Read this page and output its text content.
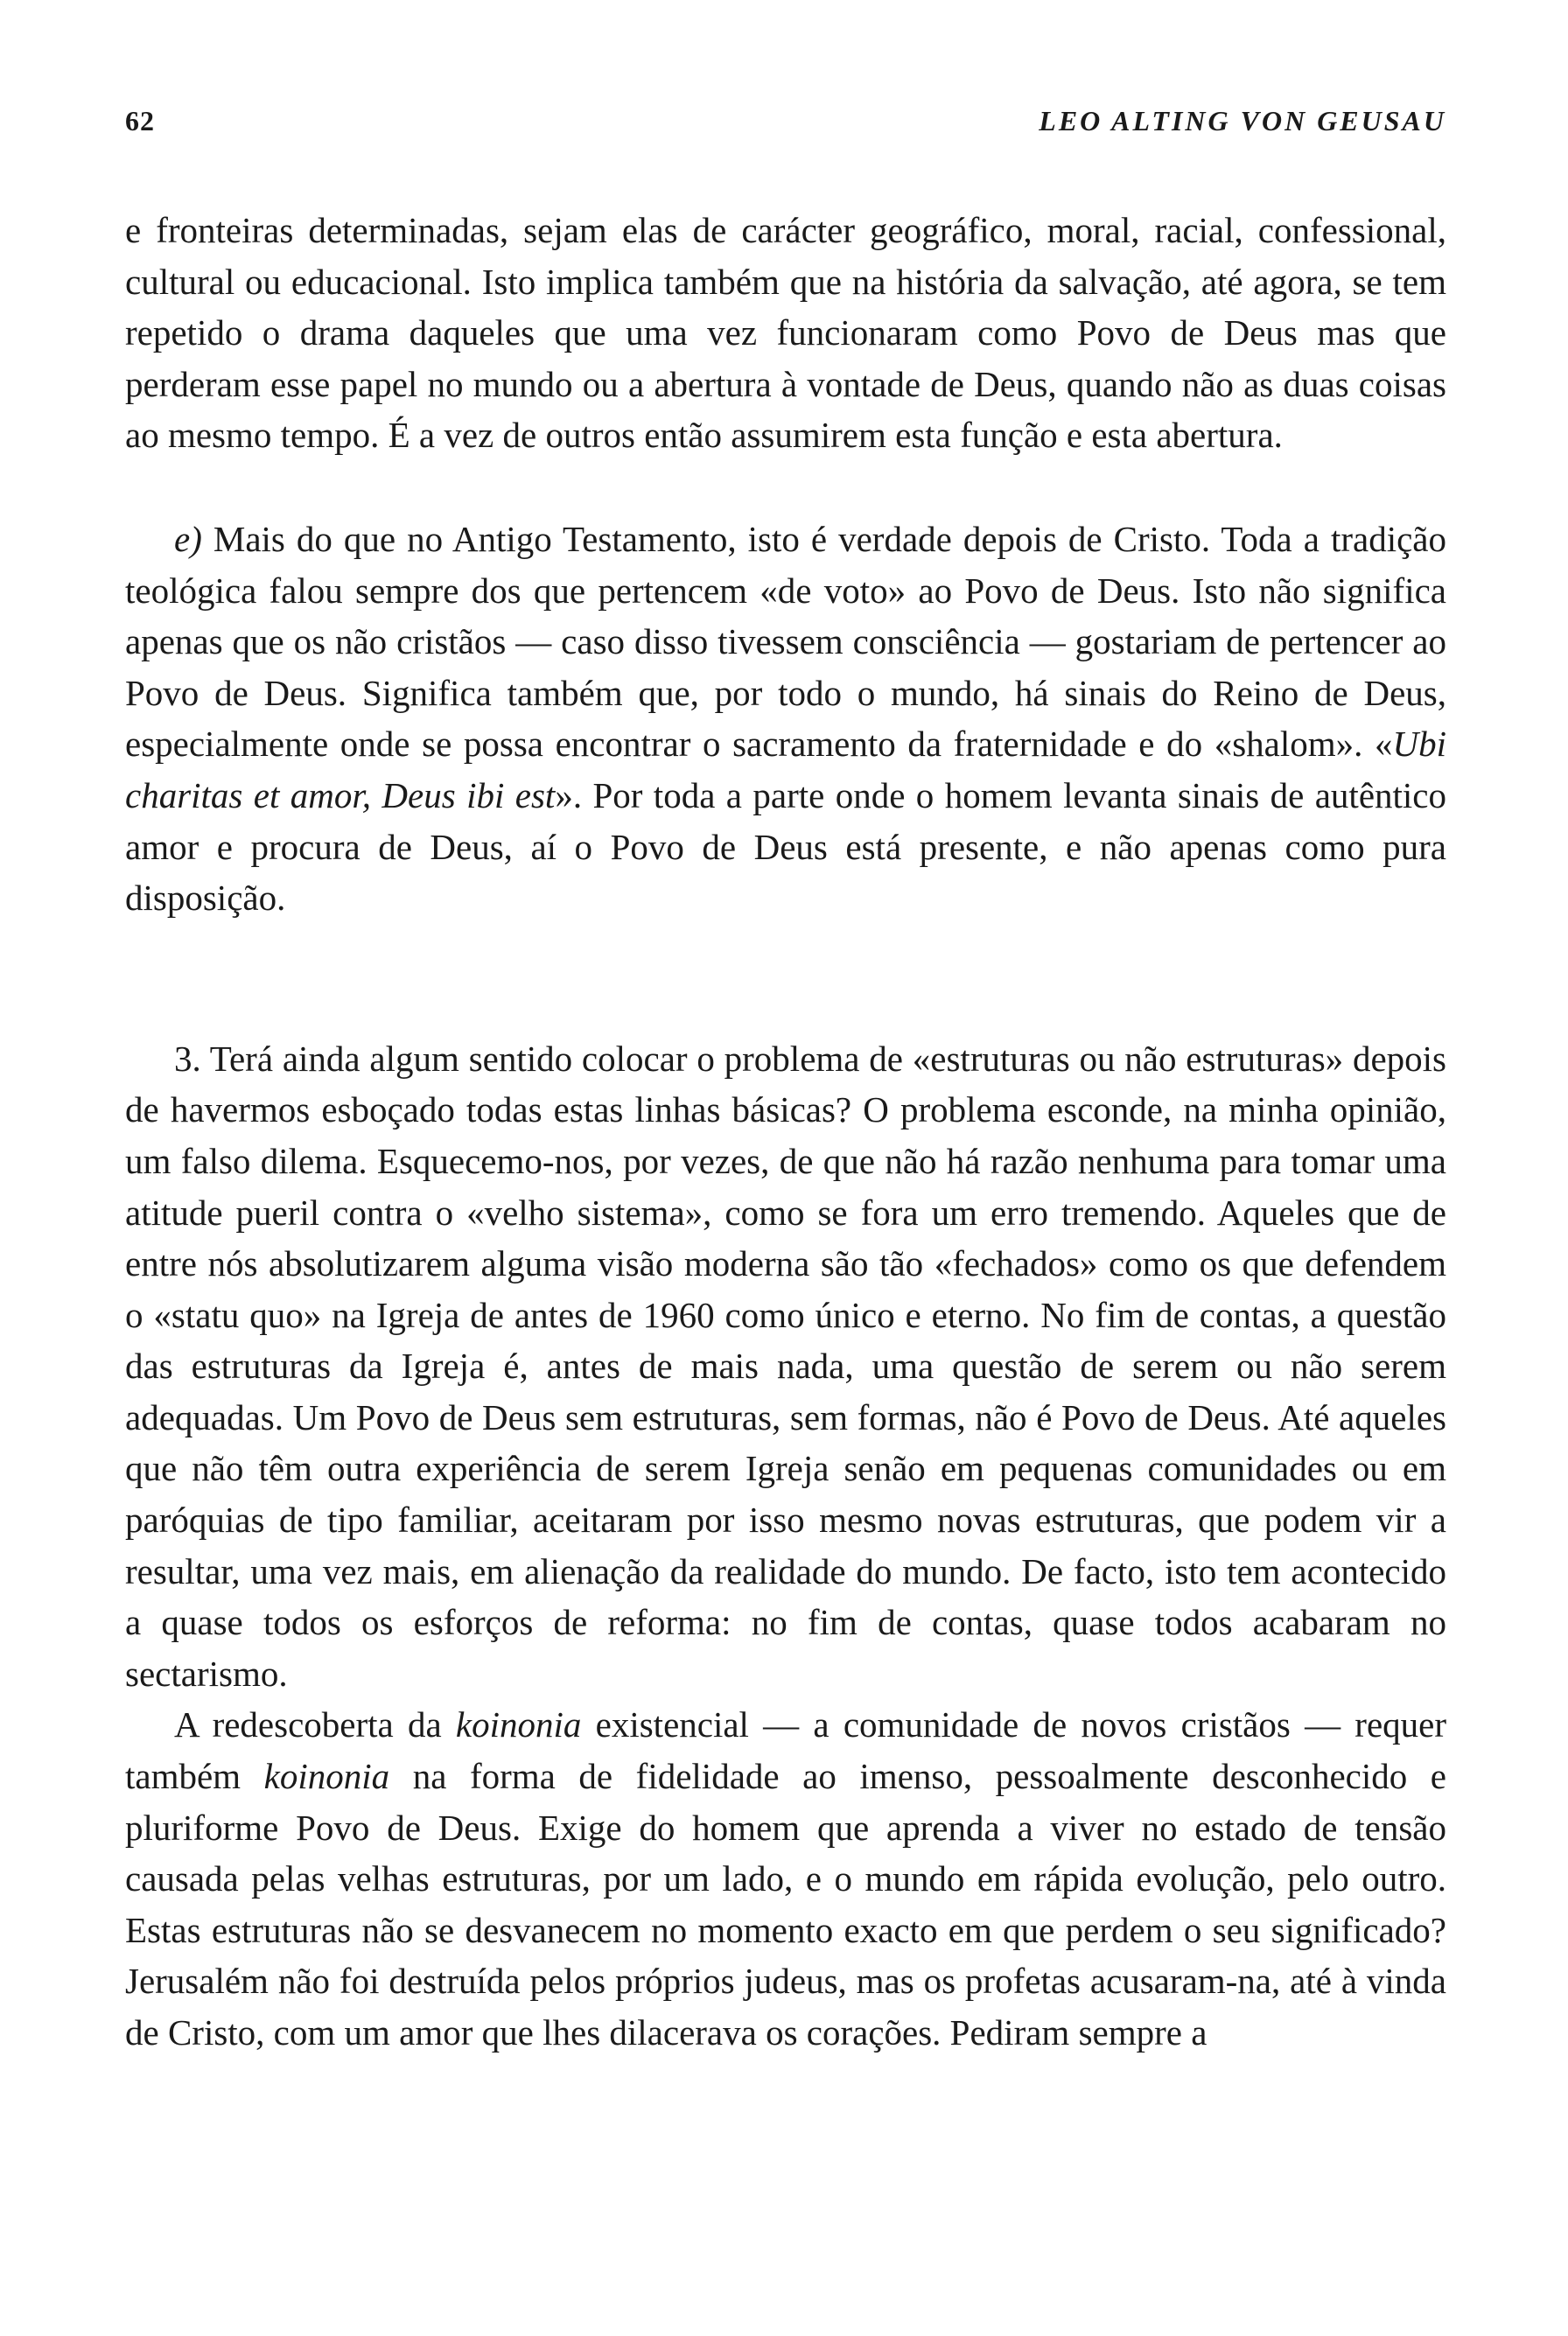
62	LEO ALTING VON GEUSAU

e fronteiras determinadas, sejam elas de carácter geográfico, moral, racial, confessional, cultural ou educacional. Isto implica também que na história da salvação, até agora, se tem repetido o drama daqueles que uma vez funcionaram como Povo de Deus mas que perderam esse papel no mundo ou a abertura à vontade de Deus, quando não as duas coisas ao mesmo tempo. É a vez de outros então assumirem esta função e esta abertura.

e) Mais do que no Antigo Testamento, isto é verdade depois de Cristo. Toda a tradição teológica falou sempre dos que pertencem «de voto» ao Povo de Deus. Isto não significa apenas que os não cristãos — caso disso tivessem consciência — gostariam de pertencer ao Povo de Deus. Significa também que, por todo o mundo, há sinais do Reino de Deus, especialmente onde se possa encontrar o sacramento da fraternidade e do «shalom». «Ubi charitas et amor, Deus ibi est». Por toda a parte onde o homem levanta sinais de autêntico amor e procura de Deus, aí o Povo de Deus está presente, e não apenas como pura disposição.

3. Terá ainda algum sentido colocar o problema de «estruturas ou não estruturas» depois de havermos esboçado todas estas linhas básicas? O problema esconde, na minha opinião, um falso dilema. Esquecemo-nos, por vezes, de que não há razão nenhuma para tomar uma atitude pueril contra o «velho sistema», como se fora um erro tremendo. Aqueles que de entre nós absolutizarem alguma visão moderna são tão «fechados» como os que defendem o «statu quo» na Igreja de antes de 1960 como único e eterno. No fim de contas, a questão das estruturas da Igreja é, antes de mais nada, uma questão de serem ou não serem adequadas. Um Povo de Deus sem estruturas, sem formas, não é Povo de Deus. Até aqueles que não têm outra experiência de serem Igreja senão em pequenas comunidades ou em paróquias de tipo familiar, aceitaram por isso mesmo novas estruturas, que podem vir a resultar, uma vez mais, em alienação da realidade do mundo. De facto, isto tem acontecido a quase todos os esforços de reforma: no fim de contas, quase todos acabaram no sectarismo.

A redescoberta da koinonia existencial — a comunidade de novos cristãos — requer também koinonia na forma de fidelidade ao imenso, pessoalmente desconhecido e pluriforme Povo de Deus. Exige do homem que aprenda a viver no estado de tensão causada pelas velhas estruturas, por um lado, e o mundo em rápida evolução, pelo outro. Estas estruturas não se desvanecem no momento exacto em que perdem o seu significado? Jerusalém não foi destruída pelos próprios judeus, mas os profetas acusaram-na, até à vinda de Cristo, com um amor que lhes dilacerava os corações. Pediram sempre a
